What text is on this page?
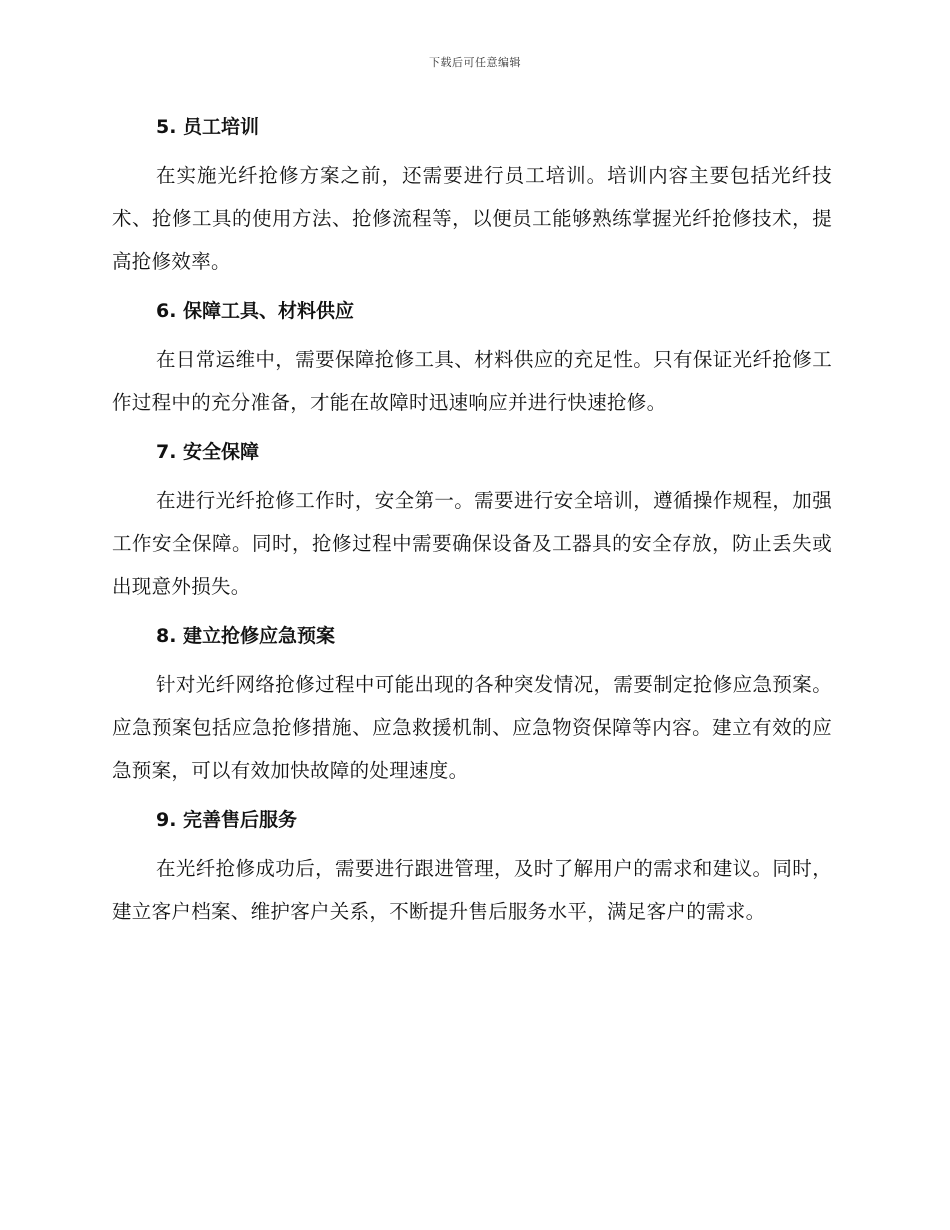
下载后可任意编辑
5. 员工培训

在实施光纤抢修方案之前，还需要进行员工培训。培训内容主要包括光纤技术、抢修工具的使用方法、抢修流程等，以便员工能够熟练掌握光纤抢修技术，提高抢修效率。

6. 保障工具、材料供应

在日常运维中，需要保障抢修工具、材料供应的充足性。只有保证光纤抢修工作过程中的充分准备，才能在故障时迅速响应并进行快速抢修。

7. 安全保障

在进行光纤抢修工作时，安全第一。需要进行安全培训，遵循操作规程，加强工作安全保障。同时，抢修过程中需要确保设备及工器具的安全存放，防止丢失或出现意外损失。

8. 建立抢修应急预案

针对光纤网络抢修过程中可能出现的各种突发情况，需要制定抢修应急预案。应急预案包括应急抢修措施、应急救援机制、应急物资保障等内容。建立有效的应急预案，可以有效加快故障的处理速度。

9. 完善售后服务

在光纤抢修成功后，需要进行跟进管理，及时了解用户的需求和建议。同时，建立客户档案、维护客户关系，不断提升售后服务水平，满足客户的需求。
